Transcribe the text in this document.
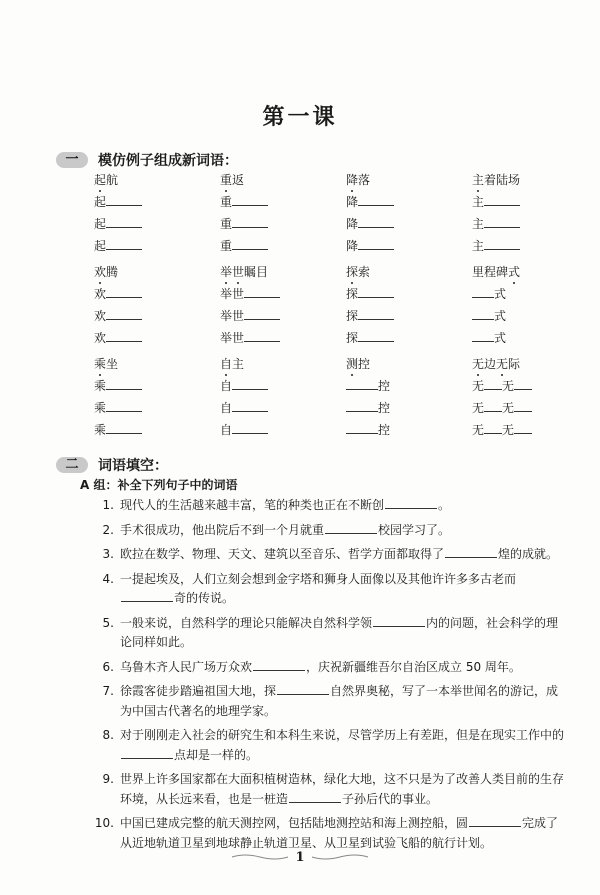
第一课
一	模仿例子组成新词语：
起航	重返	降落	主着陆场
起	重	降	主
起	重	降	主
起	重	降	主
欢腾	举世瞩目	探索	里程碑式
欢	举世	探	式
欢	举世	探	式
欢	举世	探	式
乘坐	自主	测控	无边无际
乘	自	控	无 无
乘	自	控	无 无
乘	自	控	无 无
二	词语填空：
A 组：补全下列句子中的词语
1. 现代人的生活越来越丰富，笔的种类也正在不断创	。
2. 手术很成功，他出院后不到一个月就重	校园学习了。
3. 欧拉在数学、物理、天文、建筑以至音乐、哲学方面都取得了	煌的成就。
4. 一提起埃及，人们立刻会想到金字塔和狮身人面像以及其他许许多多古老而奇的传说。
5. 一般来说，自然科学的理论只能解决自然科学领	内的问题，社会科学的理论同样如此。
6. 乌鲁木齐人民广场万众欢	，庆祝新疆维吾尔自治区成立 50 周年。
7. 徐霞客徒步踏遍祖国大地，探	自然界奥秘，写了一本举世闻名的游记，成为中国古代著名的地理学家。
8. 对于刚刚走入社会的研究生和本科生来说，尽管学历上有差距，但是在现实工作中的点却是一样的。
9. 世界上许多国家都在大面积植树造林，绿化大地，这不只是为了改善人类目前的生存环境，从长远来看，也是一桩造	子孙后代的事业。
10. 中国已建成完整的航天测控网，包括陆地测控站和海上测控船，圆	完成了从近地轨道卫星到地球静止轨道卫星、从卫星到试验飞船的航行计划。
1
